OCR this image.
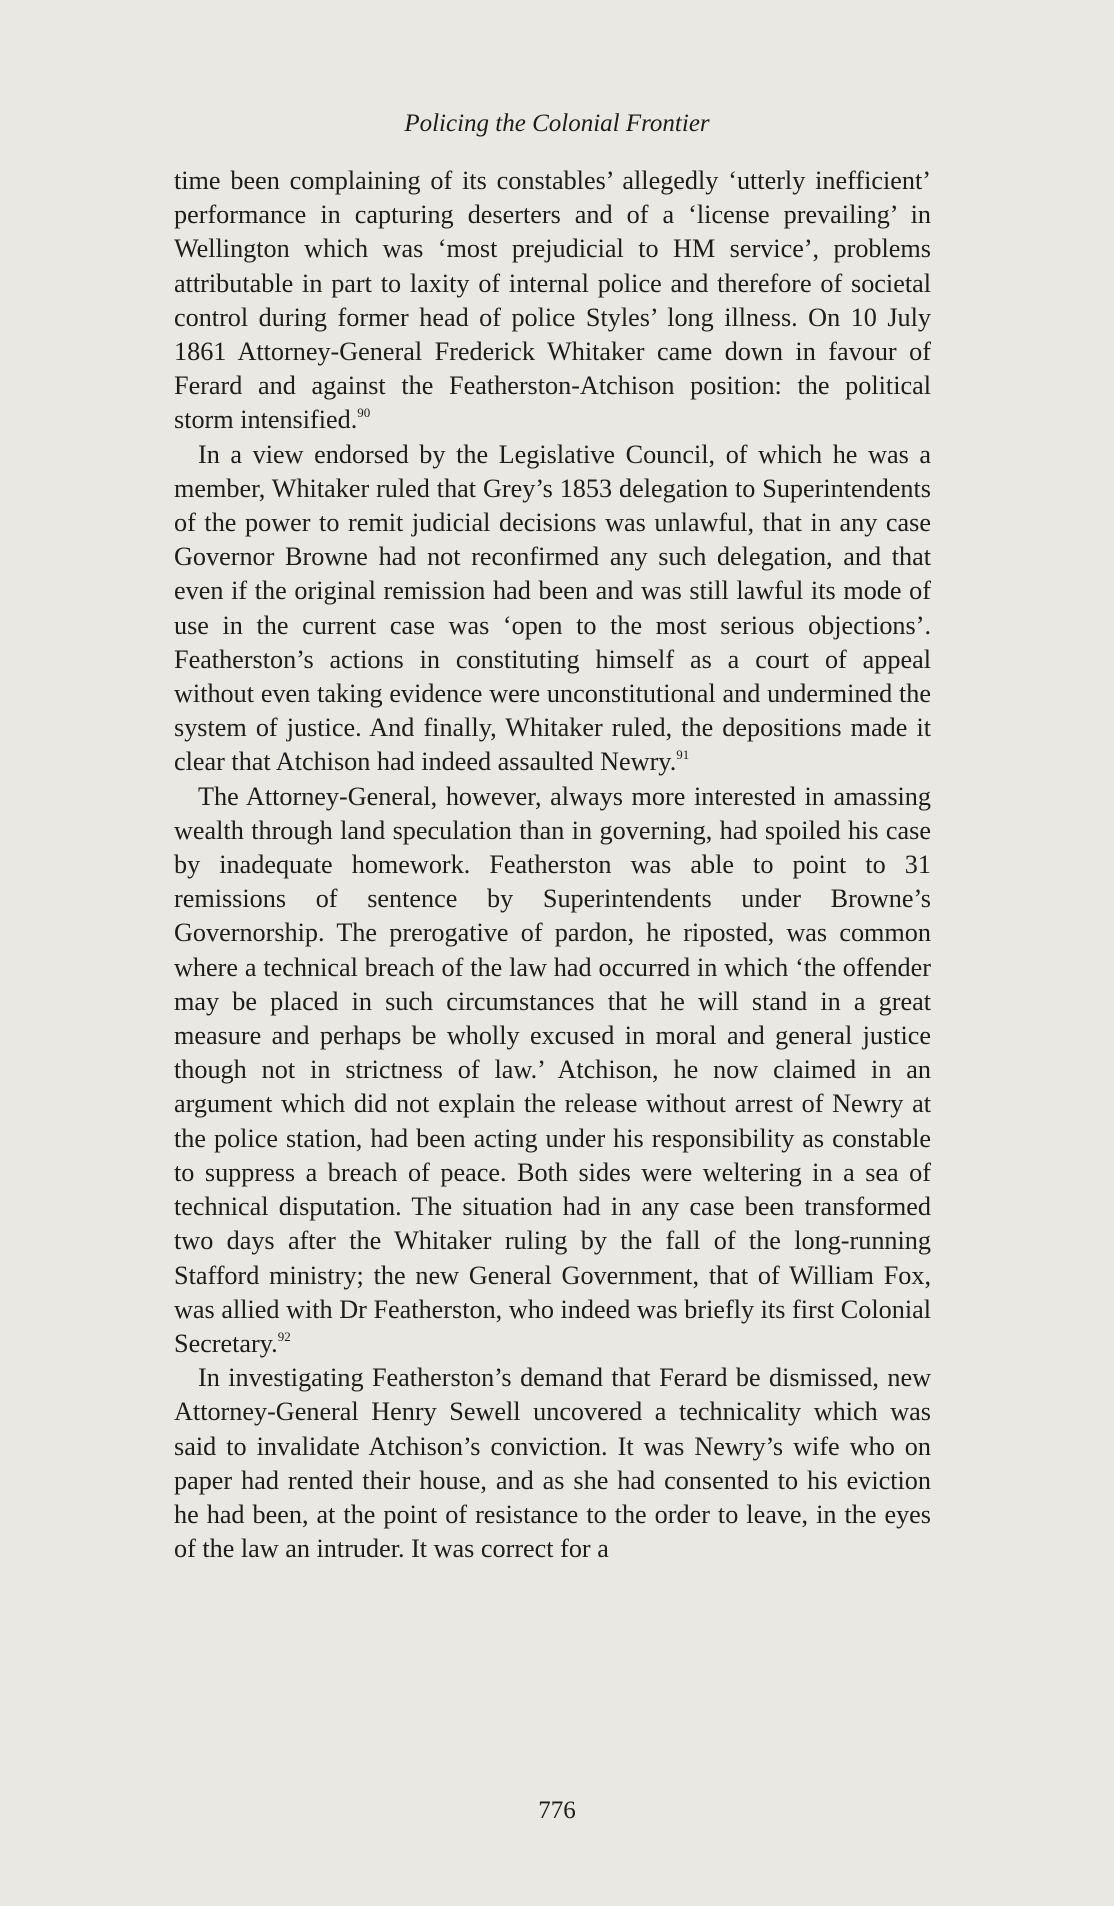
Policing the Colonial Frontier

time been complaining of its constables’ allegedly ‘utterly inefficient’ performance in capturing deserters and of a ‘license prevailing’ in Wellington which was ‘most prejudicial to HM service’, problems attributable in part to laxity of internal police and therefore of societal control during former head of police Styles’ long illness. On 10 July 1861 Attorney-General Frederick Whitaker came down in favour of Ferard and against the Featherston-Atchison position: the political storm intensified.$^{90}$

In a view endorsed by the Legislative Council, of which he was a member, Whitaker ruled that Grey’s 1853 delegation to Superintendents of the power to remit judicial decisions was unlawful, that in any case Governor Browne had not reconfirmed any such delegation, and that even if the original remission had been and was still lawful its mode of use in the current case was ‘open to the most serious objections’. Featherston’s actions in constituting himself as a court of appeal without even taking evidence were unconstitutional and undermined the system of justice. And finally, Whitaker ruled, the depositions made it clear that Atchison had indeed assaulted Newry.$^{91}$

The Attorney-General, however, always more interested in amassing wealth through land speculation than in governing, had spoiled his case by inadequate homework. Featherston was able to point to 31 remissions of sentence by Superintendents under Browne’s Governorship. The prerogative of pardon, he riposted, was common where a technical breach of the law had occurred in which ‘the offender may be placed in such circumstances that he will stand in a great measure and perhaps be wholly excused in moral and general justice though not in strictness of law.’ Atchison, he now claimed in an argument which did not explain the release without arrest of Newry at the police station, had been acting under his responsibility as constable to suppress a breach of peace. Both sides were weltering in a sea of technical disputation. The situation had in any case been transformed two days after the Whitaker ruling by the fall of the long-running Stafford ministry; the new General Government, that of William Fox, was allied with Dr Featherston, who indeed was briefly its first Colonial Secretary.$^{92}$

In investigating Featherston’s demand that Ferard be dismissed, new Attorney-General Henry Sewell uncovered a technicality which was said to invalidate Atchison’s conviction. It was Newry’s wife who on paper had rented their house, and as she had consented to his eviction he had been, at the point of resistance to the order to leave, in the eyes of the law an intruder. It was correct for a

776
